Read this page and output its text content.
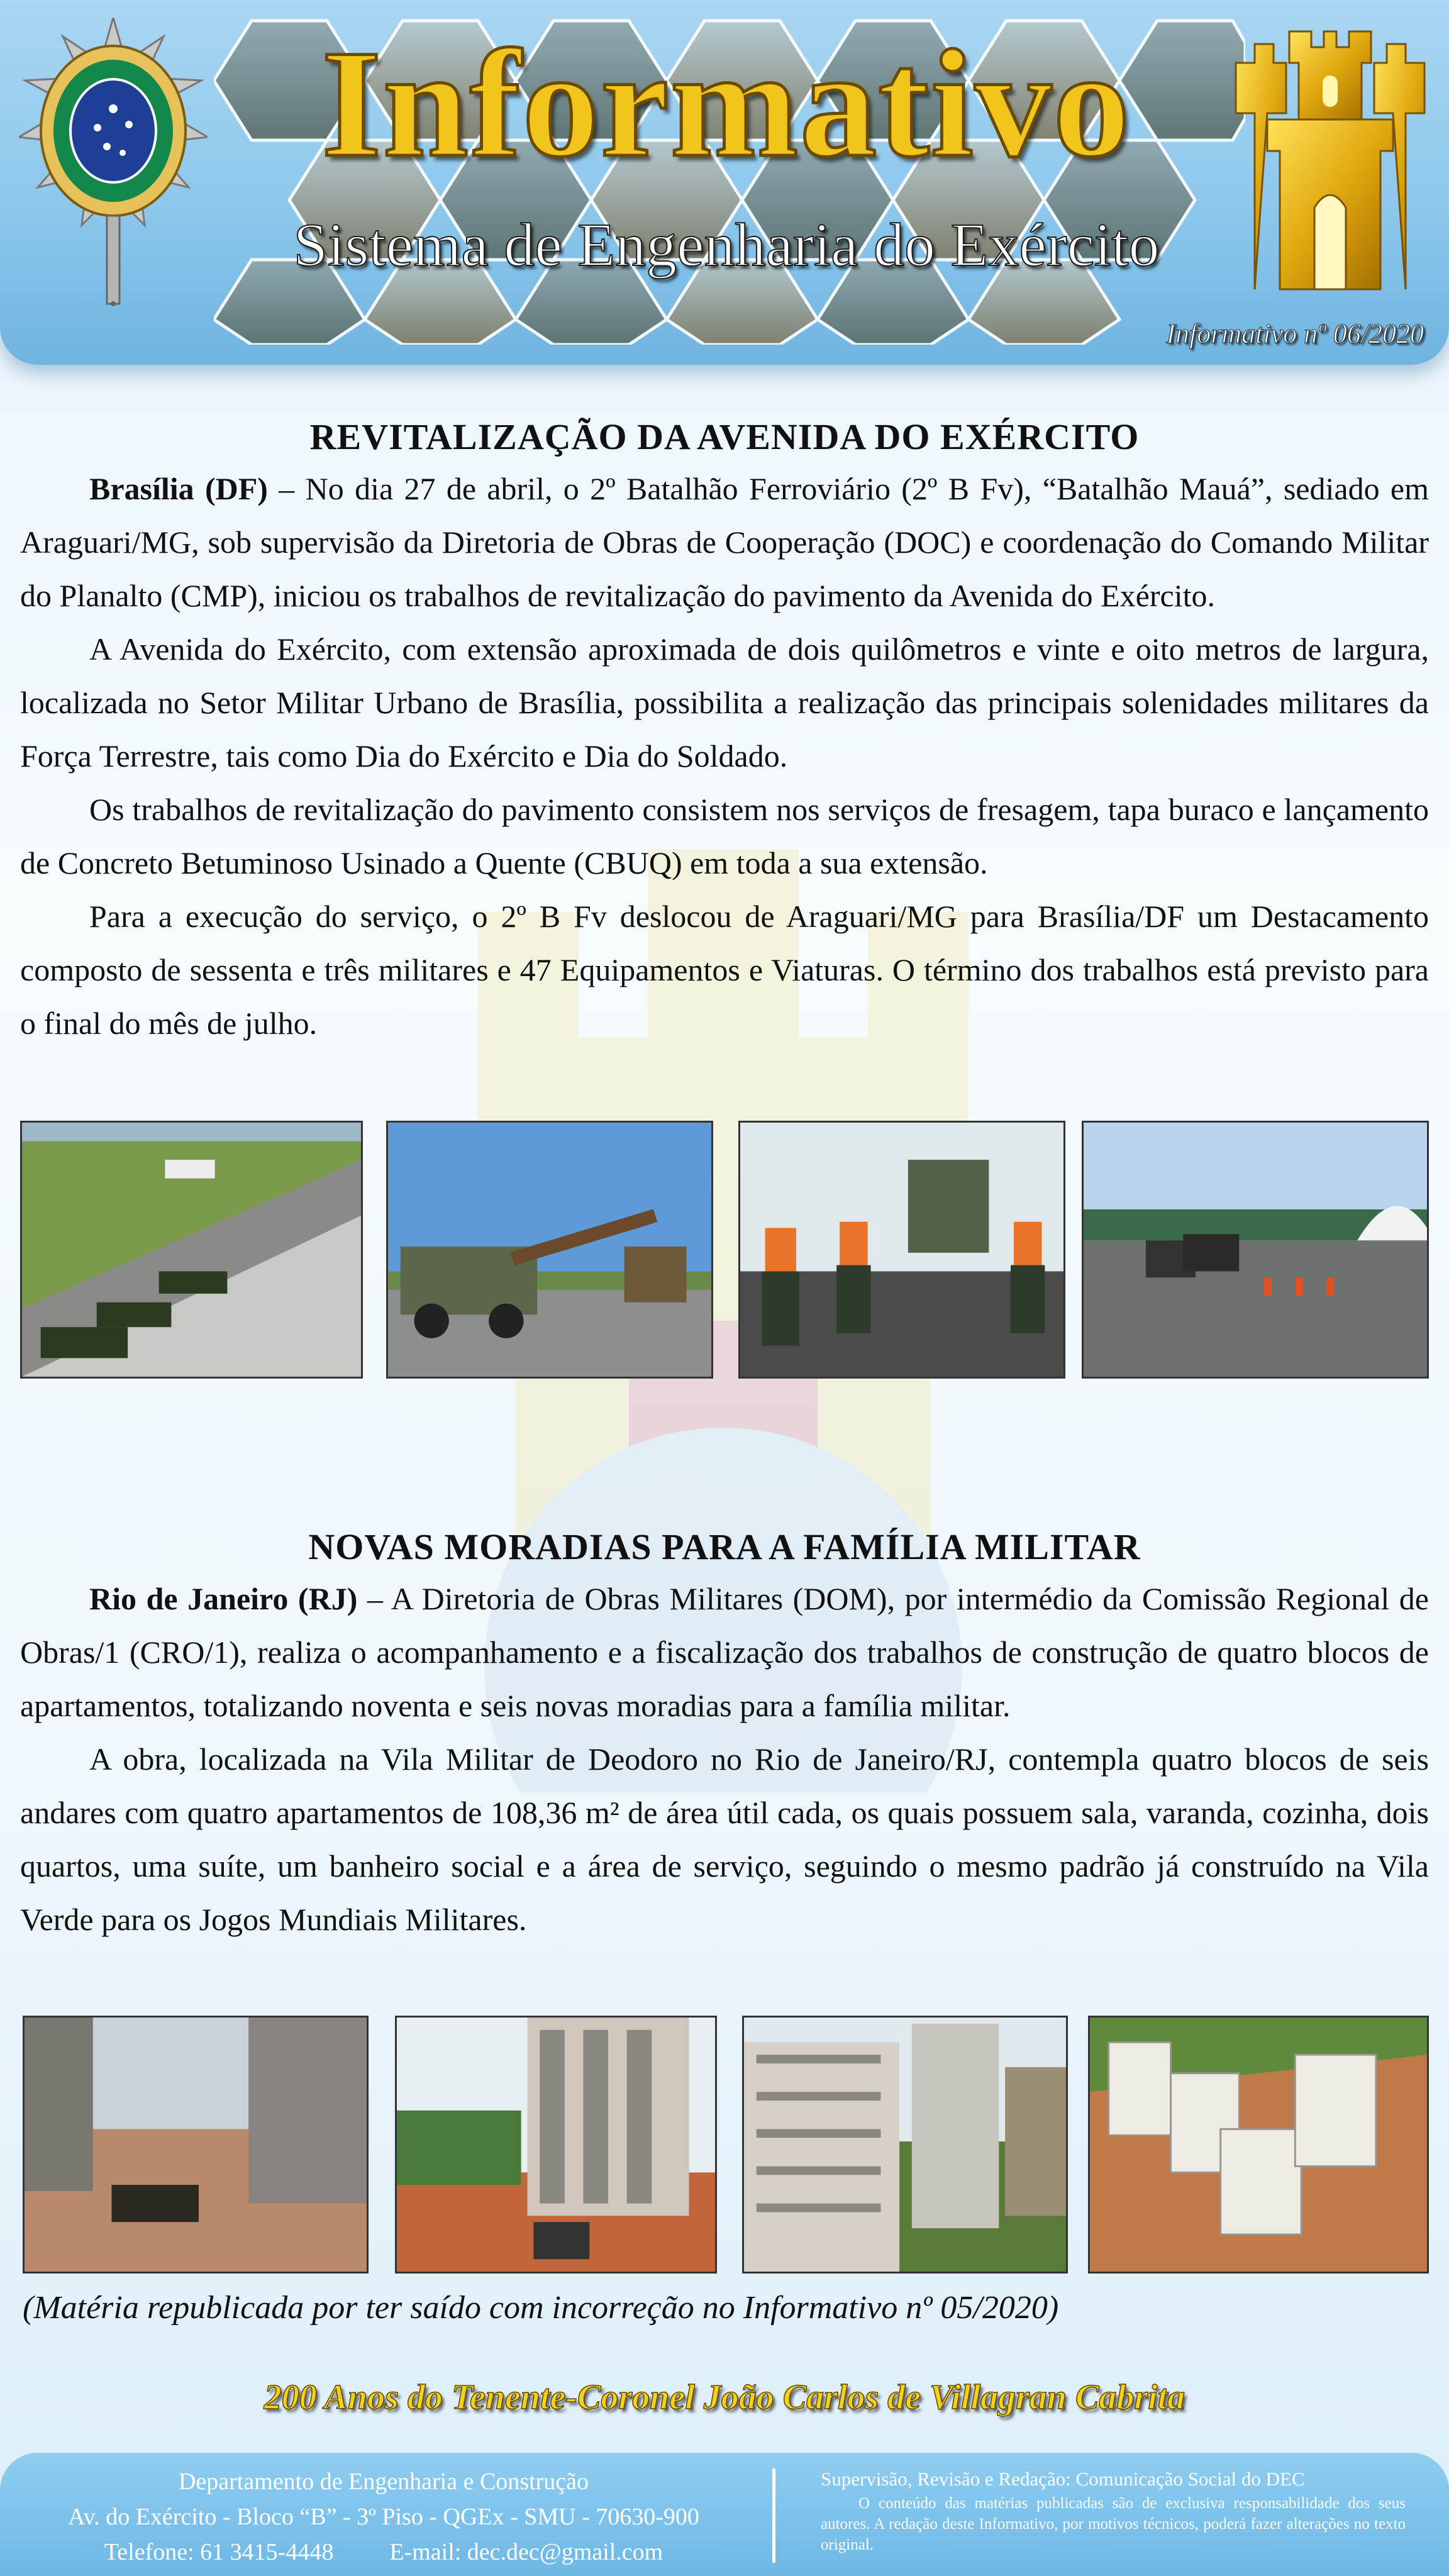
Informativo
Sistema de Engenharia do Exército
Informativo nº 06/2020
REVITALIZAÇÃO DA AVENIDA DO EXÉRCITO

Brasília (DF) – No dia 27 de abril, o 2º Batalhão Ferroviário (2º B Fv), “Batalhão Mauá”, sediado em Araguari/MG, sob supervisão da Diretoria de Obras de Cooperação (DOC) e coordenação do Comando Militar do Planalto (CMP), iniciou os trabalhos de revitalização do pavimento da Avenida do Exército.

A Avenida do Exército, com extensão aproximada de dois quilômetros e vinte e oito metros de largura, localizada no Setor Militar Urbano de Brasília, possibilita a realização das principais solenidades militares da Força Terrestre, tais como Dia do Exército e Dia do Soldado.

Os trabalhos de revitalização do pavimento consistem nos serviços de fresagem, tapa buraco e lançamento de Concreto Betuminoso Usinado a Quente (CBUQ) em toda a sua extensão.

Para a execução do serviço, o 2º B Fv deslocou de Araguari/MG para Brasília/DF um Destacamento composto de sessenta e três militares e 47 Equipamentos e Viaturas. O término dos trabalhos está previsto para o final do mês de julho.

NOVAS MORADIAS PARA A FAMÍLIA MILITAR

Rio de Janeiro (RJ) – A Diretoria de Obras Militares (DOM), por intermédio da Comissão Regional de Obras/1 (CRO/1), realiza o acompanhamento e a fiscalização dos trabalhos de construção de quatro blocos de apartamentos, totalizando noventa e seis novas moradias para a família militar.

A obra, localizada na Vila Militar de Deodoro no Rio de Janeiro/RJ, contempla quatro blocos de seis andares com quatro apartamentos de 108,36 m² de área útil cada, os quais possuem sala, varanda, cozinha, dois quartos, uma suíte, um banheiro social e a área de serviço, seguindo o mesmo padrão já construído na Vila Verde para os Jogos Mundiais Militares.

(Matéria republicada por ter saído com incorreção no Informativo nº 05/2020)
200 Anos do Tenente-Coronel João Carlos de Villagran Cabrita
Departamento de Engenharia e Construção
Av. do Exército - Bloco “B” - 3º Piso - QGEx - SMU - 70630-900
Telefone: 61 3415-4448 E-mail: dec.dec@gmail.com
Supervisão, Revisão e Redação: Comunicação Social do DEC
O conteúdo das matérias publicadas são de exclusiva responsabilidade dos seus autores. A redação deste Informativo, por motivos técnicos, poderá fazer alterações no texto original.
